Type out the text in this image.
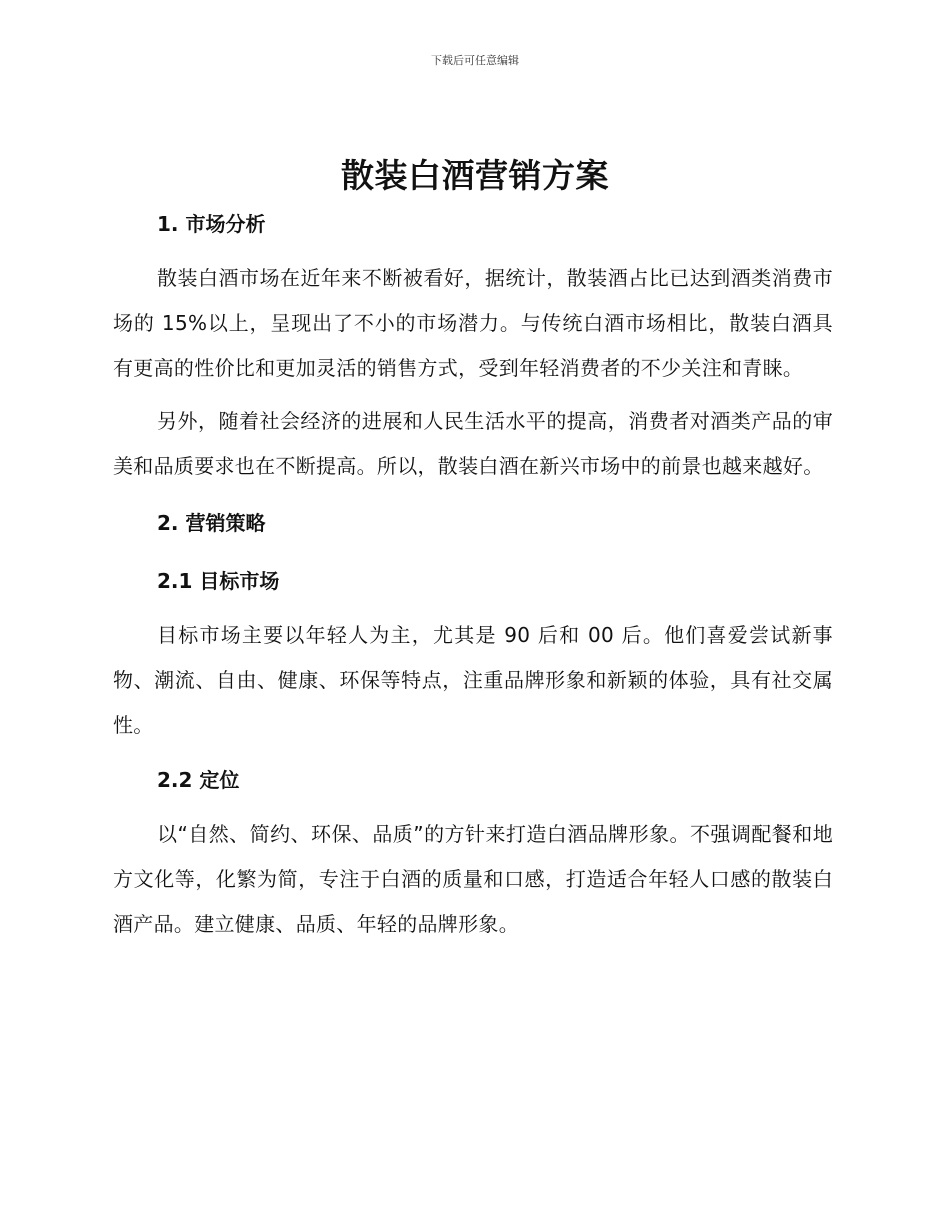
下载后可任意编辑
散装白酒营销方案
1. 市场分析

散装白酒市场在近年来不断被看好，据统计，散装酒占比已达到酒类消费市场的 15%以上，呈现出了不小的市场潜力。与传统白酒市场相比，散装白酒具有更高的性价比和更加灵活的销售方式，受到年轻消费者的不少关注和青睐。

另外，随着社会经济的进展和人民生活水平的提高，消费者对酒类产品的审美和品质要求也在不断提高。所以，散装白酒在新兴市场中的前景也越来越好。

2. 营销策略
2.1 目标市场

目标市场主要以年轻人为主，尤其是 90 后和 00 后。他们喜爱尝试新事物、潮流、自由、健康、环保等特点，注重品牌形象和新颖的体验，具有社交属性。

2.2 定位

以“自然、简约、环保、品质”的方针来打造白酒品牌形象。不强调配餐和地方文化等，化繁为简，专注于白酒的质量和口感，打造适合年轻人口感的散装白酒产品。建立健康、品质、年轻的品牌形象。
